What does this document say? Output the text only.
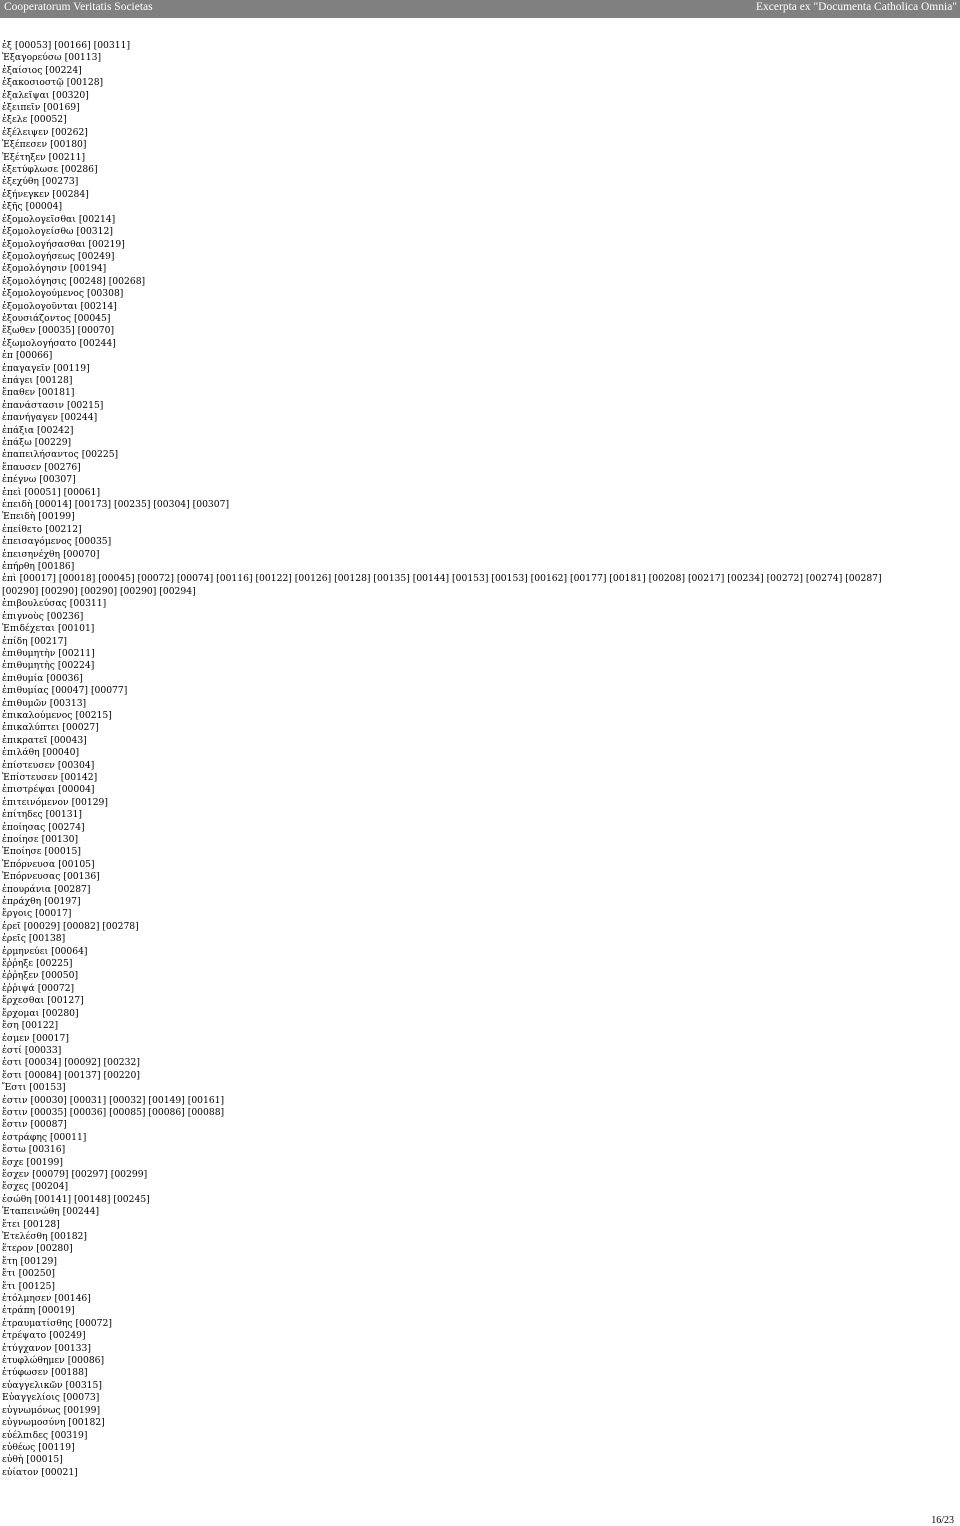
Cooperatorum Veritatis Societas	Excerpta ex "Documenta Catholica Omnia"
ἐξ [00053] [00166] [00311]
Ἐξαγορεύσω [00113]
ἐξαίσιος [00224]
ἐξακοσιοστῷ [00128]
ἐξαλεῖψαι [00320]
ἐξειπεῖν [00169]
ἐξελε [00052]
ἐξέλειψεν [00262]
Ἐξέπεσεν [00180]
Ἐξέτηξεν [00211]
ἐξετύφλωσε [00286]
ἐξεχύθη [00273]
ἐξήνεγκεν [00284]
ἑξῆς [00004]
ἐξομολογεῖσθαι [00214]
ἐξομολογείσθω [00312]
ἐξομολογήσασθαι [00219]
ἐξομολογήσεως [00249]
ἐξομολόγησιν [00194]
ἐξομολόγησις [00248] [00268]
ἐξομολογούμενος [00308]
ἐξομολογοῦνται [00214]
ἐξουσιάζοντος [00045]
ἔξωθεν [00035] [00070]
ἐξωμολογήσατο [00244]
ἐπ [00066]
ἐπαγαγεῖν [00119]
ἐπάγει [00128]
ἔπαθεν [00181]
ἐπανάστασιν [00215]
ἐπανήγαγεν [00244]
ἐπάξια [00242]
ἐπάξω [00229]
ἐπαπειλήσαντος [00225]
ἔπαυσεν [00276]
ἐπέγνω [00307]
ἐπεὶ [00051] [00061]
ἐπειδὴ [00014] [00173] [00235] [00304] [00307]
Ἐπειδὴ [00199]
ἐπείθετο [00212]
ἐπεισαγόμενος [00035]
ἐπεισηνέχθη [00070]
ἐπήρθη [00186]
ἐπὶ [00017] [00018] [00045] [00072] [00074] [00116] [00122] [00126] [00128] [00135] [00144] [00153] [00153] [00162] [00177] [00181] [00208] [00217] [00234] [00272] [00274] [00287] [00290] [00290] [00290] [00290] [00294]
ἐπιβουλεύσας [00311]
ἐπιγνοὺς [00236]
Ἐπιδέχεται [00101]
ἐπίδη [00217]
ἐπιθυμητὴν [00211]
ἐπιθυμητὴς [00224]
ἐπιθυμία [00036]
ἐπιθυμίας [00047] [00077]
ἐπιθυμῶν [00313]
ἐπικαλούμενος [00215]
ἐπικαλύπτει [00027]
ἐπικρατεῖ [00043]
ἐπιλάθη [00040]
ἐπίστευσεν [00304]
Ἐπίστευσεν [00142]
ἐπιστρέψαι [00004]
ἐπιτεινόμενον [00129]
ἐπίτηδες [00131]
ἐποίησας [00274]
ἐποίησε [00130]
Ἐποίησε [00015]
Ἐπόρνευσα [00105]
Ἐπόρνευσας [00136]
ἐπουράνια [00287]
ἐπράχθη [00197]
ἔργοις [00017]
ἐρεῖ [00029] [00082] [00278]
ἐρεῖς [00138]
ἑρμηνεύει [00064]
ἔῤῥηξε [00225]
ἐῤῥηξεν [00050]
ἐῤῥιψά [00072]
ἔρχεσθαι [00127]
ἔρχομαι [00280]
ἔση [00122]
ἐσμεν [00017]
ἐστί [00033]
ἐστι [00034] [00092] [00232]
ἔστι [00084] [00137] [00220]
Ἔστι [00153]
ἐστιν [00030] [00031] [00032] [00149] [00161]
ἔστιν [00035] [00036] [00085] [00086] [00088]
ἔστιν [00087]
ἐστράφης [00011]
ἔστω [00316]
ἔσχε [00199]
ἔσχεν [00079] [00297] [00299]
ἔσχες [00204]
ἐσώθη [00141] [00148] [00245]
Ἐταπεινώθη [00244]
ἔτει [00128]
Ἐτελέσθη [00182]
ἕτερον [00280]
ἔτη [00129]
ἔτι [00250]
ἔτι [00125]
ἐτόλμησεν [00146]
ἐτράπη [00019]
ἐτραυματίσθης [00072]
ἐτρέψατο [00249]
ἐτύγχανον [00133]
ἐτυφλώθημεν [00086]
ἐτύφωσεν [00188]
εὐαγγελικῶν [00315]
Εὐαγγελίοις [00073]
εὐγνωμόνως [00199]
εὐγνωμοσύνη [00182]
εὐέλπιδες [00319]
εὐθέως [00119]
εὐθὴ [00015]
εὐίατον [00021]
16/23
